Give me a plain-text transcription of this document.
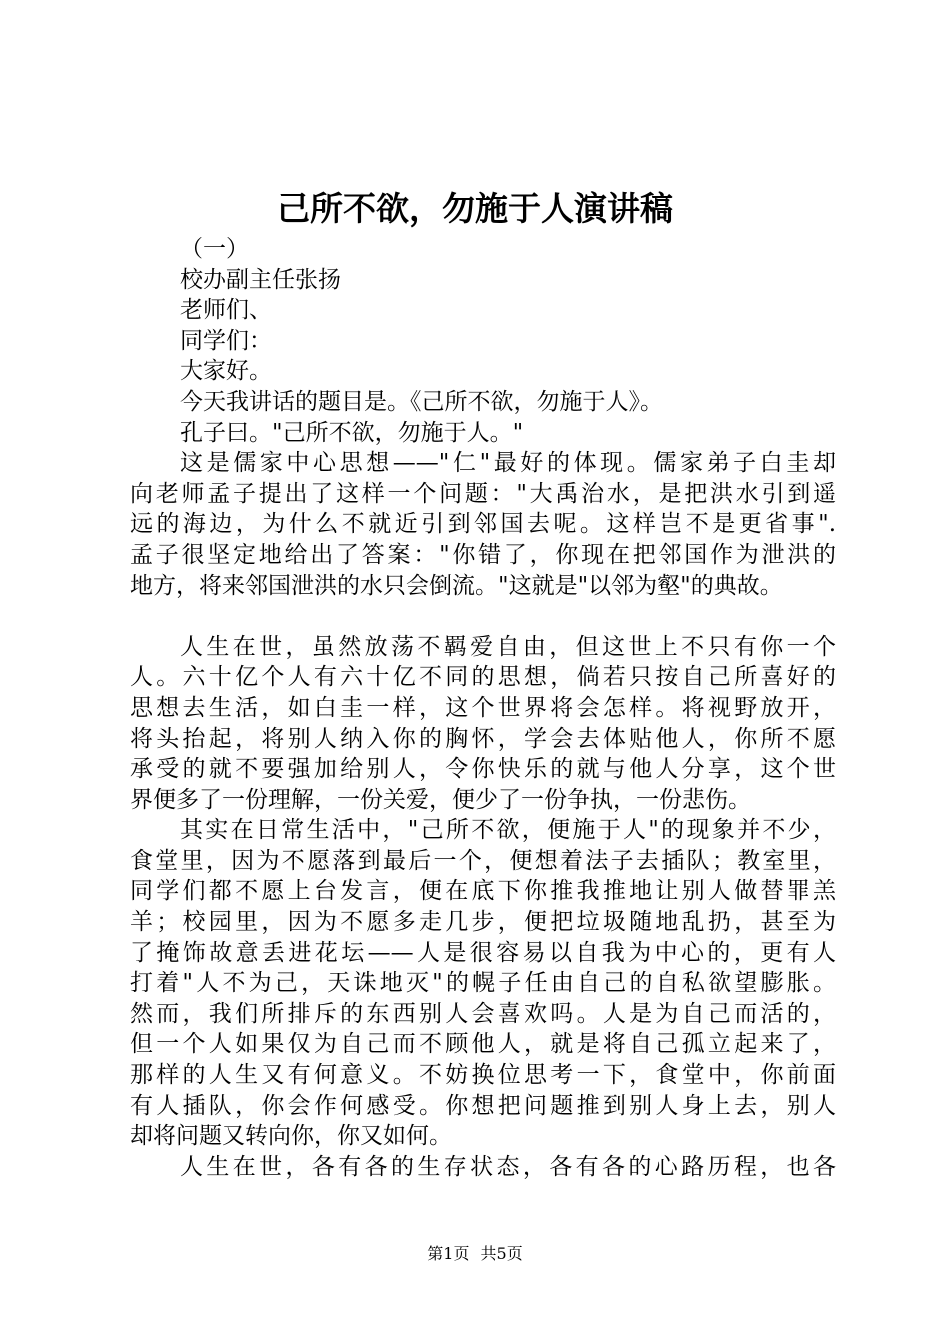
己所不欲，勿施于人演讲稿
（一）
校办副主任张扬
老师们、
同学们：
大家好。
今天我讲话的题目是。《己所不欲，勿施于人》。
孔子曰。"己所不欲，勿施于人。"
这是儒家中心思想——"仁"最好的体现。儒家弟子白圭却
向老师孟子提出了这样一个问题："大禹治水，是把洪水引到遥
远的海边，为什么不就近引到邻国去呢。这样岂不是更省事".
孟子很坚定地给出了答案："你错了，你现在把邻国作为泄洪的
地方，将来邻国泄洪的水只会倒流。"这就是"以邻为壑"的典故。
人生在世，虽然放荡不羁爱自由，但这世上不只有你一个
人。六十亿个人有六十亿不同的思想，倘若只按自己所喜好的
思想去生活，如白圭一样，这个世界将会怎样。将视野放开，
将头抬起，将别人纳入你的胸怀，学会去体贴他人，你所不愿
承受的就不要强加给别人，令你快乐的就与他人分享，这个世
界便多了一份理解，一份关爱，便少了一份争执，一份悲伤。
其实在日常生活中，"己所不欲，便施于人"的现象并不少，
食堂里，因为不愿落到最后一个，便想着法子去插队；教室里，
同学们都不愿上台发言，便在底下你推我推地让别人做替罪羔
羊；校园里，因为不愿多走几步，便把垃圾随地乱扔，甚至为
了掩饰故意丢进花坛——人是很容易以自我为中心的，更有人
打着"人不为己，天诛地灭"的幌子任由自己的自私欲望膨胀。
然而，我们所排斥的东西别人会喜欢吗。人是为自己而活的，
但一个人如果仅为自己而不顾他人，就是将自己孤立起来了，
那样的人生又有何意义。不妨换位思考一下，食堂中，你前面
有人插队，你会作何感受。你想把问题推到别人身上去，别人
却将问题又转向你，你又如何。
人生在世，各有各的生存状态，各有各的心路历程，也各
第1页 共5页
